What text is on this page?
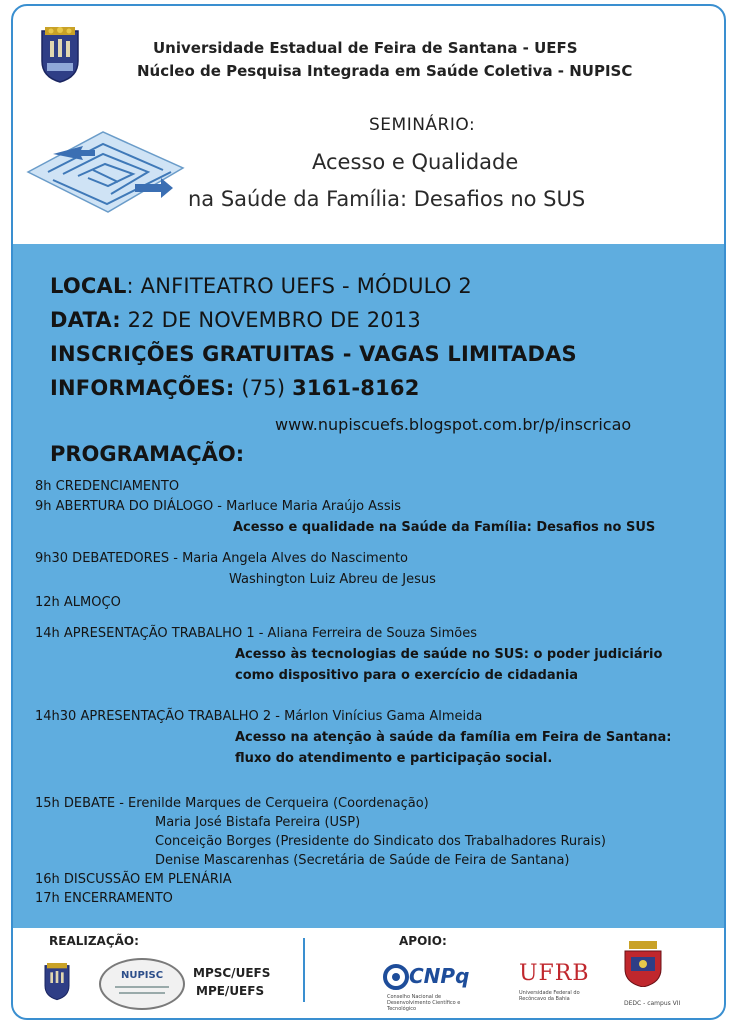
Universidade Estadual de Feira de Santana - UEFS
Núcleo de Pesquisa Integrada em Saúde Coletiva - NUPISC
SEMINÁRIO:
Acesso e Qualidade
na Saúde da Família: Desafios no SUS
LOCAL: ANFITEATRO UEFS - MÓDULO 2
DATA: 22 DE NOVEMBRO DE 2013
INSCRIÇÕES GRATUITAS - VAGAS LIMITADAS
INFORMAÇÕES: (75) 3161-8162
www.nupiscuefs.blogspot.com.br/p/inscricao
PROGRAMAÇÃO:
8h CREDENCIAMENTO
9h ABERTURA DO DIÁLOGO - Marluce Maria Araújo Assis
Acesso e qualidade na Saúde da Família: Desafios no SUS
9h30 DEBATEDORES - Maria Angela Alves do Nascimento
Washington Luiz Abreu de Jesus
12h ALMOÇO
14h APRESENTAÇÃO TRABALHO 1 - Aliana Ferreira de Souza Simões
Acesso às tecnologias de saúde no SUS: o poder judiciário
como dispositivo para o exercício de cidadania
14h30 APRESENTAÇÃO TRABALHO 2 - Márlon Vinícius Gama Almeida
Acesso na atenção à saúde da família em Feira de Santana:
fluxo do atendimento e participação social.
15h DEBATE - Erenilde Marques de Cerqueira (Coordenação)
Maria José Bistafa Pereira (USP)
Conceição Borges (Presidente do Sindicato dos Trabalhadores Rurais)
Denise Mascarenhas (Secretária de Saúde de Feira de Santana)
16h DISCUSSÃO EM PLENÁRIA
17h ENCERRAMENTO
REALIZAÇÃO:	APOIO:
NUPISC	MPSC/UEFS
MPE/UEFS
CNPq
Conselho Nacional de Desenvolvimento Científico e Tecnológico
UFRB
Universidade Federal do Recôncavo da Bahia
DEDC - campus VII
